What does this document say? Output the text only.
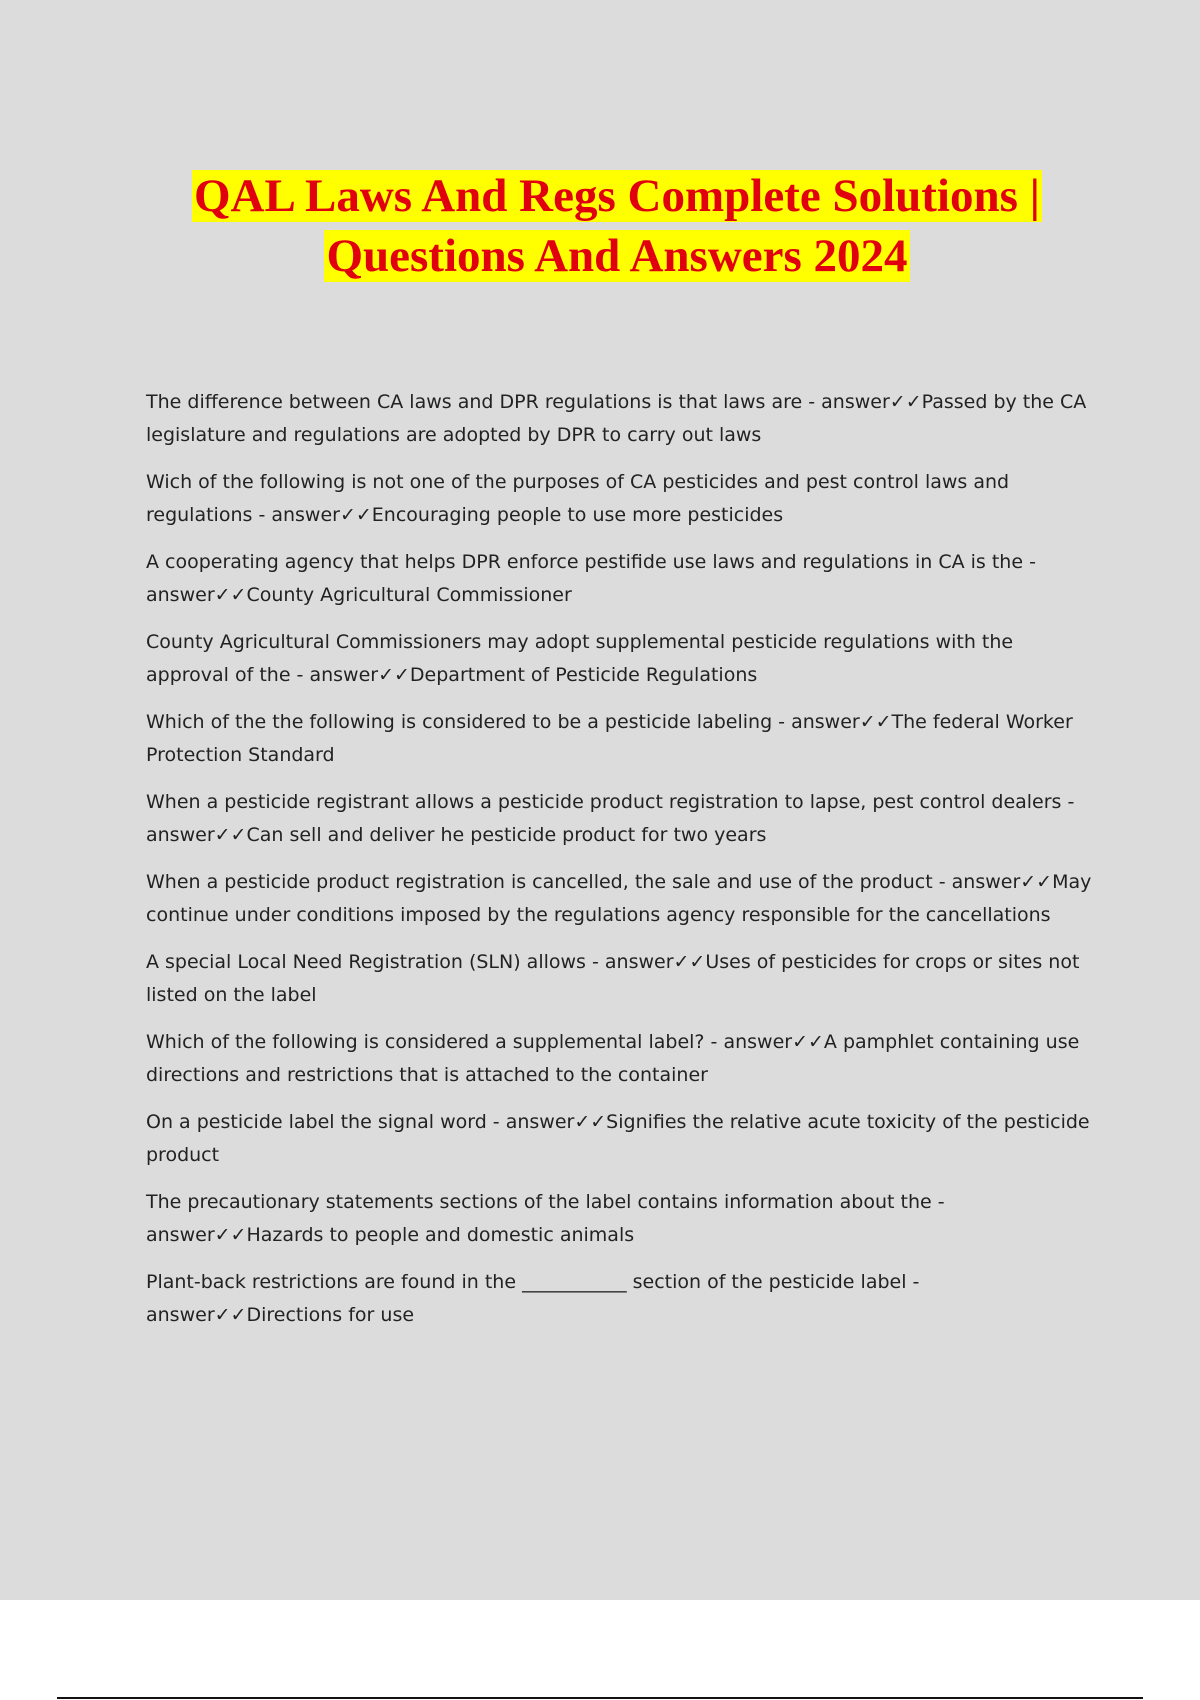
QAL Laws And Regs Complete Solutions |
Questions And Answers 2024

The difference between CA laws and DPR regulations is that laws are - answer✓✓Passed by the CA legislature and regulations are adopted by DPR to carry out laws

Wich of the following is not one of the purposes of CA pesticides and pest control laws and regulations - answer✓✓Encouraging people to use more pesticides

A cooperating agency that helps DPR enforce pestifide use laws and regulations in CA is the - answer✓✓County Agricultural Commissioner

County Agricultural Commissioners may adopt supplemental pesticide regulations with the approval of the - answer✓✓Department of Pesticide Regulations

Which of the the following is considered to be a pesticide labeling - answer✓✓The federal Worker Protection Standard

When a pesticide registrant allows a pesticide product registration to lapse, pest control dealers - answer✓✓Can sell and deliver he pesticide product for two years

When a pesticide product registration is cancelled, the sale and use of the product - answer✓✓May continue under conditions imposed by the regulations agency responsible for the cancellations

A special Local Need Registration (SLN) allows - answer✓✓Uses of pesticides for crops or sites not listed on the label

Which of the following is considered a supplemental label? - answer✓✓A pamphlet containing use directions and restrictions that is attached to the container

On a pesticide label the signal word - answer✓✓Signifies the relative acute toxicity of the pesticide product

The precautionary statements sections of the label contains information about the - answer✓✓Hazards to people and domestic animals

Plant-back restrictions are found in the ___________ section of the pesticide label - answer✓✓Directions for use
